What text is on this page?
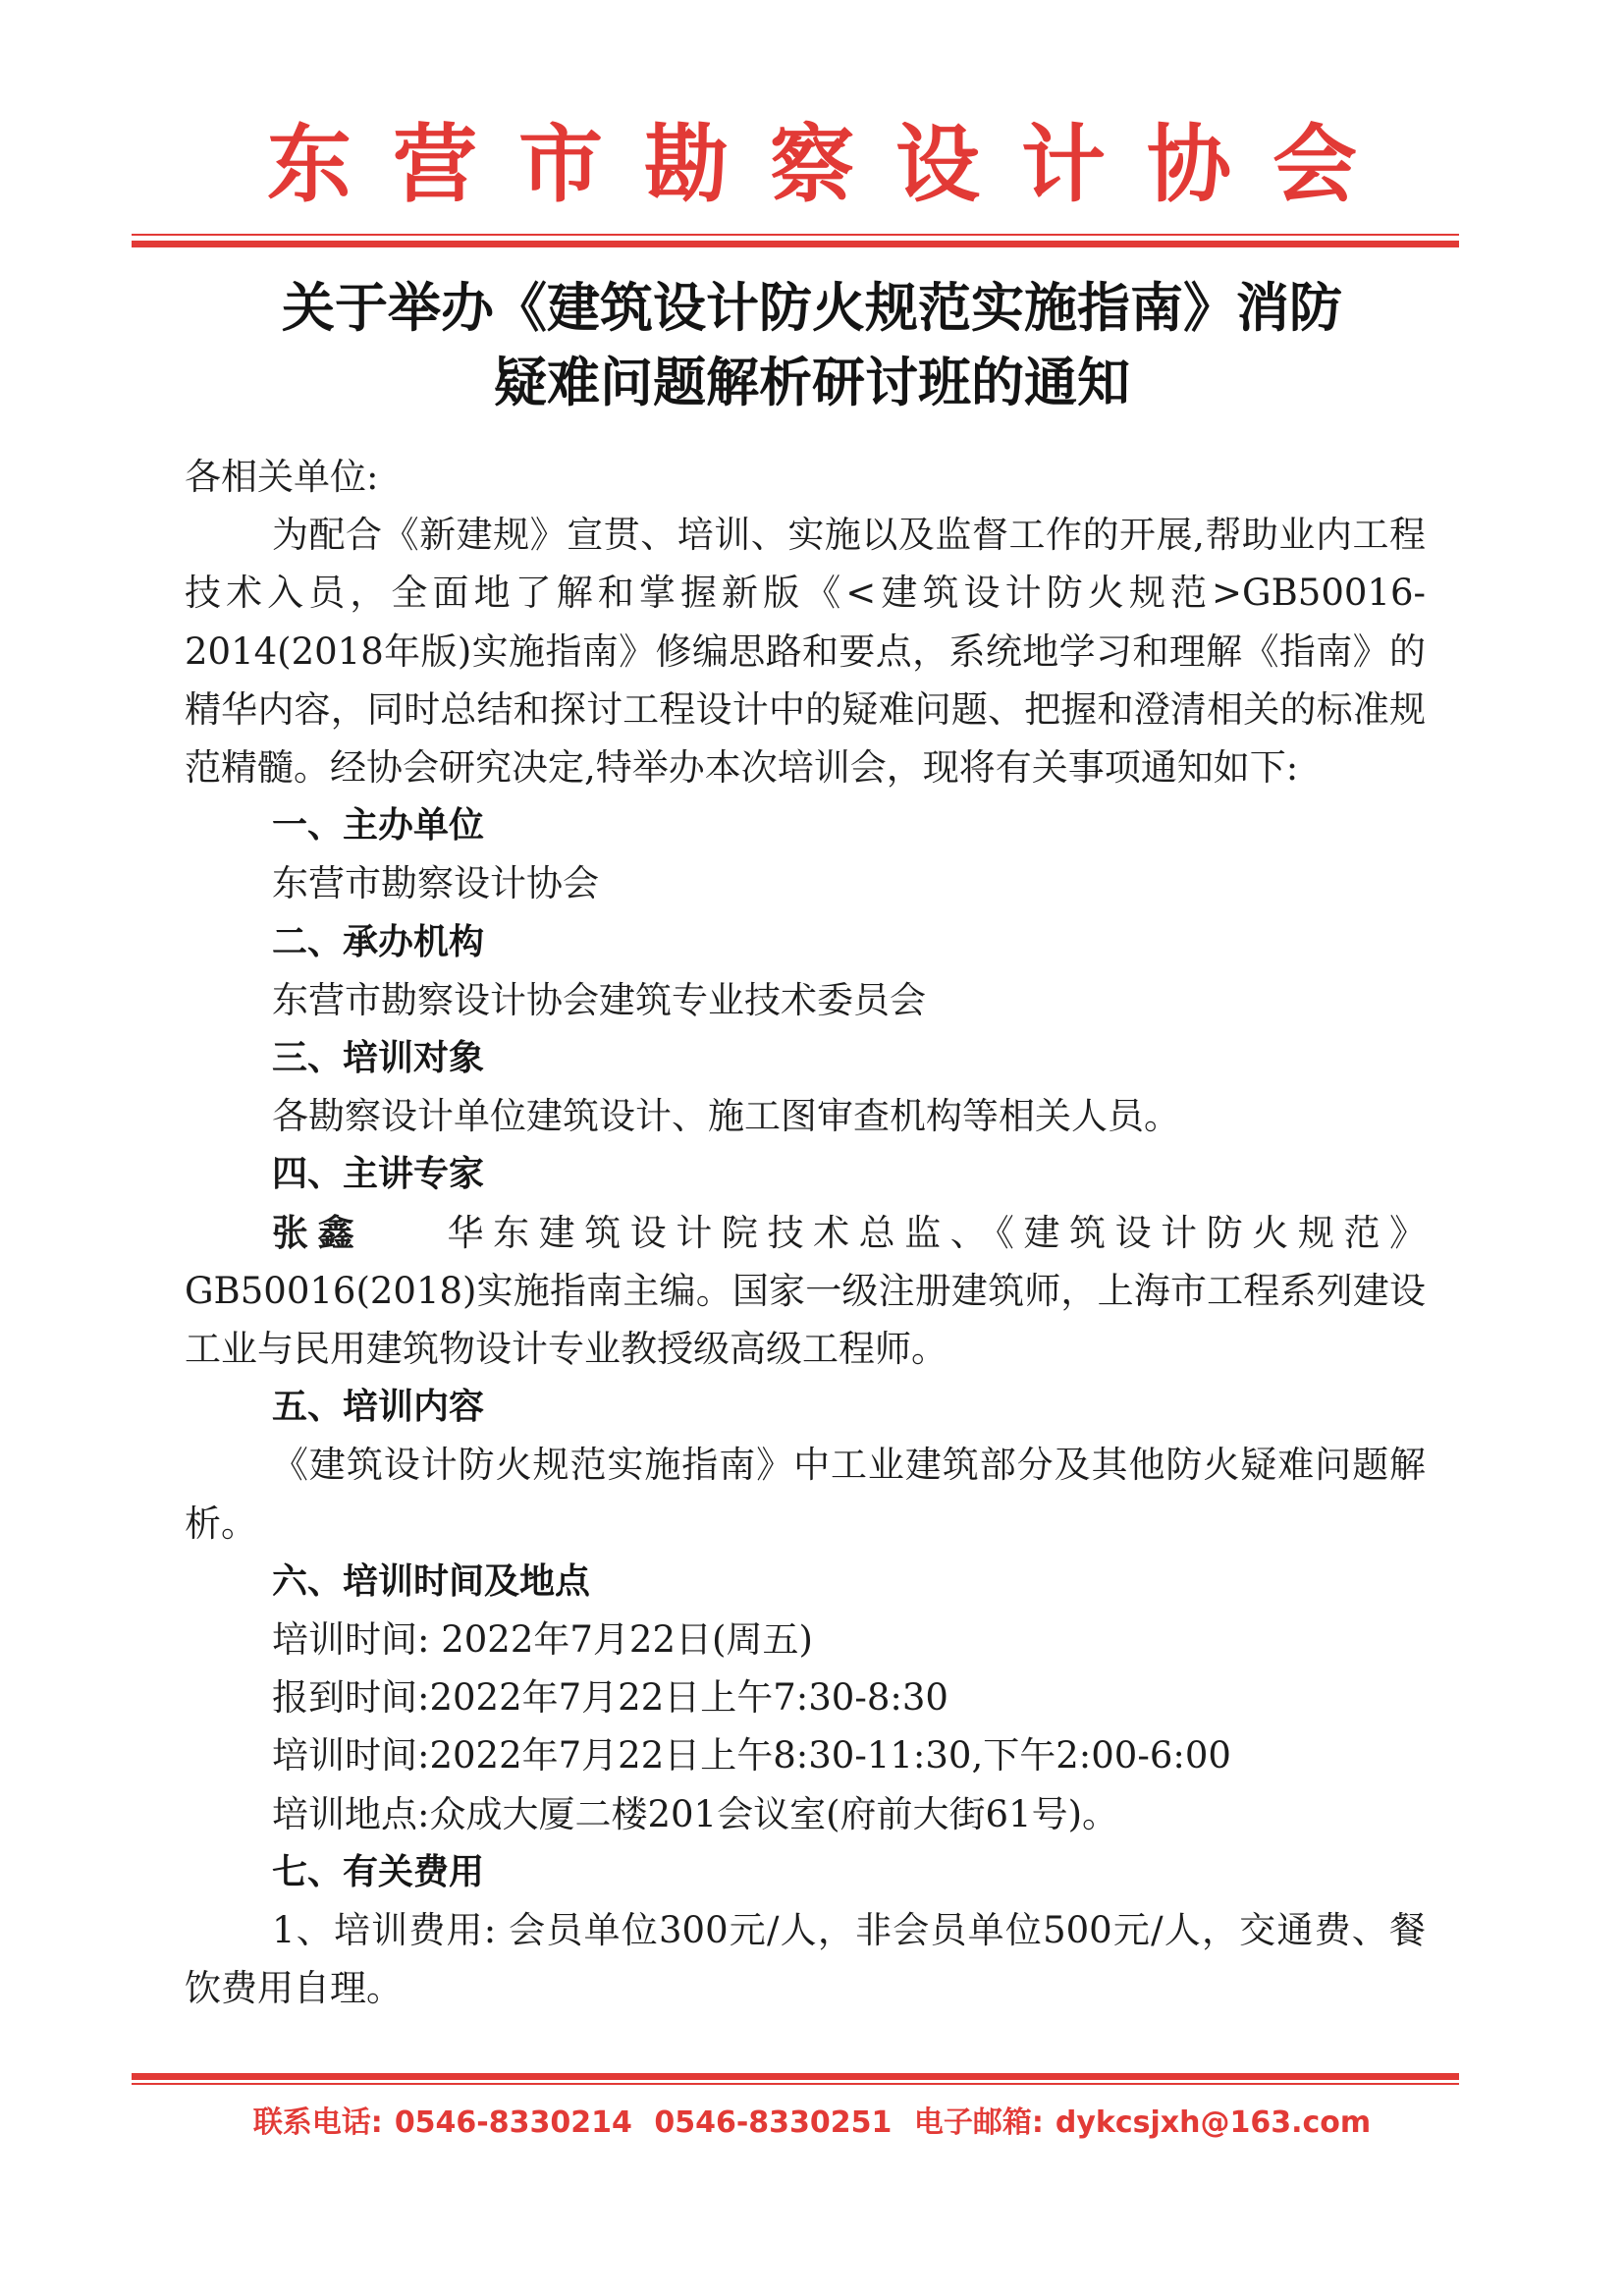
东营市勘察设计协会
关于举办《建筑设计防火规范实施指南》消防
疑难问题解析研讨班的通知

各相关单位:

为配合《新建规》宣贯、培训、实施以及监督工作的开展,帮助业内工程技术入员，全面地了解和掌握新版《<建筑设计防火规范>GB50016-2014(2018年版)实施指南》修编思路和要点，系统地学习和理解《指南》的精华内容，同时总结和探讨工程设计中的疑难问题、把握和澄清相关的标准规范精髓。经协会研究决定,特举办本次培训会，现将有关事项通知如下:

一、主办单位

东营市勘察设计协会

二、承办机构

东营市勘察设计协会建筑专业技术委员会

三、培训对象

各勘察设计单位建筑设计、施工图审查机构等相关人员。

四、主讲专家

张鑫 华东建筑设计院技术总监、《建筑设计防火规范》GB50016(2018)实施指南主编。国家一级注册建筑师，上海市工程系列建设工业与民用建筑物设计专业教授级高级工程师。

五、培训内容

《建筑设计防火规范实施指南》中工业建筑部分及其他防火疑难问题解析。

六、培训时间及地点

培训时间: 2022年7月22日(周五)

报到时间:2022年7月22日上午7:30-8:30

培训时间:2022年7月22日上午8:30-11:30,下午2:00-6:00

培训地点:众成大厦二楼201会议室(府前大街61号)。

七、有关费用

1、培训费用: 会员单位300元/人，非会员单位500元/人，交通费、餐饮费用自理。

联系电话: 0546-8330214 0546-8330251 电子邮箱: dykcsjxh@163.com
